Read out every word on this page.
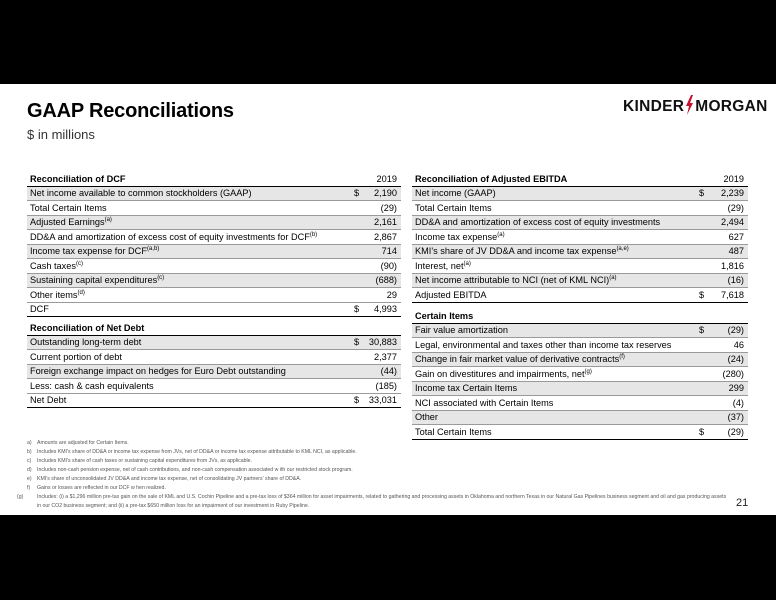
GAAP Reconciliations
$ in millions
KINDER MORGAN
Reconciliation of DCF		2019
Net income available to common stockholders (GAAP)	$	2,190
Total Certain Items		(29)
Adjusted Earnings$^{(a)}$		2,161
DD&A and amortization of excess cost of equity investments for DCF$^{(b)}$		2,867
Income tax expense for DCF$^{(a,b)}$		714
Cash taxes$^{(c)}$		(90)
Sustaining capital expenditures$^{(c)}$		(688)
Other items$^{(d)}$		29
DCF	$	4,993
Reconciliation of Net Debt		
Outstanding long-term debt	$	30,883
Current portion of debt		2,377
Foreign exchange impact on hedges for Euro Debt outstanding		(44)
Less: cash & cash equivalents		(185)
Net Debt	$	33,031
Reconciliation of Adjusted EBITDA		2019
Net income (GAAP)	$	2,239
Total Certain Items		(29)
DD&A and amortization of excess cost of equity investments		2,494
Income tax expense$^{(a)}$		627
KMI's share of JV DD&A and income tax expense$^{(a,e)}$		487
Interest, net$^{(a)}$		1,816
Net income attributable to NCI (net of KML NCI)$^{(a)}$		(16)
Adjusted EBITDA	$	7,618
Certain Items		
Fair value amortization	$	(29)
Legal, environmental and taxes other than income tax reserves		46
Change in fair market value of derivative contracts$^{(f)}$		(24)
Gain on divestitures and impairments, net$^{(g)}$		(280)
Income tax Certain Items		299
NCI associated with Certain Items		(4)
Other		(37)
Total Certain Items	$	(29)
a) Amounts are adjusted for Certain Items.
b) Includes KMI's share of DD&A or income tax expense from JVs, net of DD&A or income tax expense attributable to KML NCI, as applicable.
c) Includes KMI's share of cash taxes or sustaining capital expenditures from JVs, as applicable.
d) Includes non-cash pension expense, net of cash contributions, and non-cash compensation associated w ith our restricted stock program.
e) KMI's share of unconsolidated JV DD&A and income tax expense, net of consolidating JV partners' share of DD&A.
f) Gains or losses are reflected in our DCF w hen realized.
(g)	Includes: (i) a $1,296 million pre-tax gain on the sale of KML and U.S. Cochin Pipeline and a pre-tax loss of $364 million for asset impairments, related to gathering and processing assets in Oklahoma and northern Texas in our Natural Gas Pipelines business segment and oil and gas producing assets in our CO2 business segment; and (ii) a pre-tax $650 million loss for an impairment of our investment in Ruby Pipeline.	21
